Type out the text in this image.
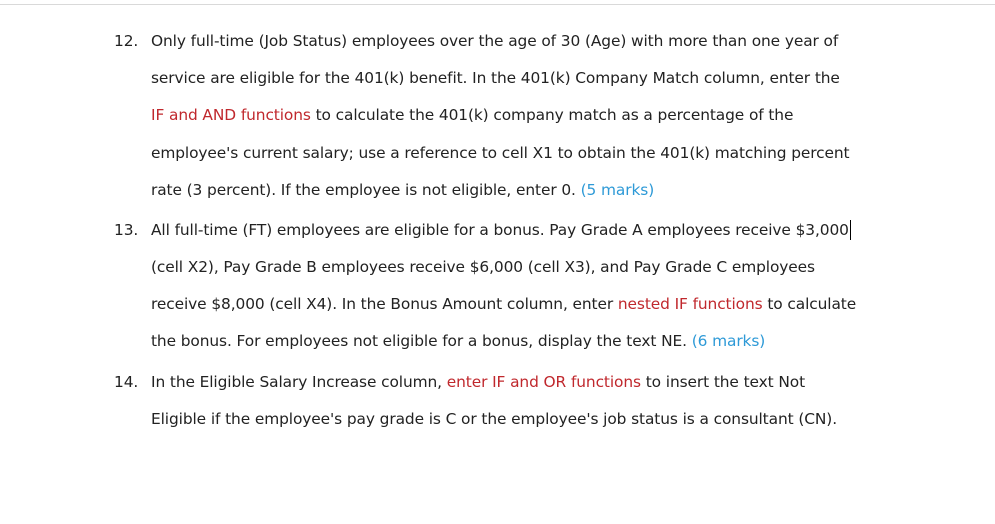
12. Only full-time (Job Status) employees over the age of 30 (Age) with more than one year of
service are eligible for the 401(k) benefit. In the 401(k) Company Match column, enter the
IF and AND functions to calculate the 401(k) company match as a percentage of the
employee's current salary; use a reference to cell X1 to obtain the 401(k) matching percent
rate (3 percent). If the employee is not eligible, enter 0. (5 marks)
13. All full-time (FT) employees are eligible for a bonus. Pay Grade A employees receive $3,000
(cell X2), Pay Grade B employees receive $6,000 (cell X3), and Pay Grade C employees
receive $8,000 (cell X4). In the Bonus Amount column, enter nested IF functions to calculate
the bonus. For employees not eligible for a bonus, display the text NE. (6 marks)
14. In the Eligible Salary Increase column, enter IF and OR functions to insert the text Not
Eligible if the employee's pay grade is C or the employee's job status is a consultant (CN).
